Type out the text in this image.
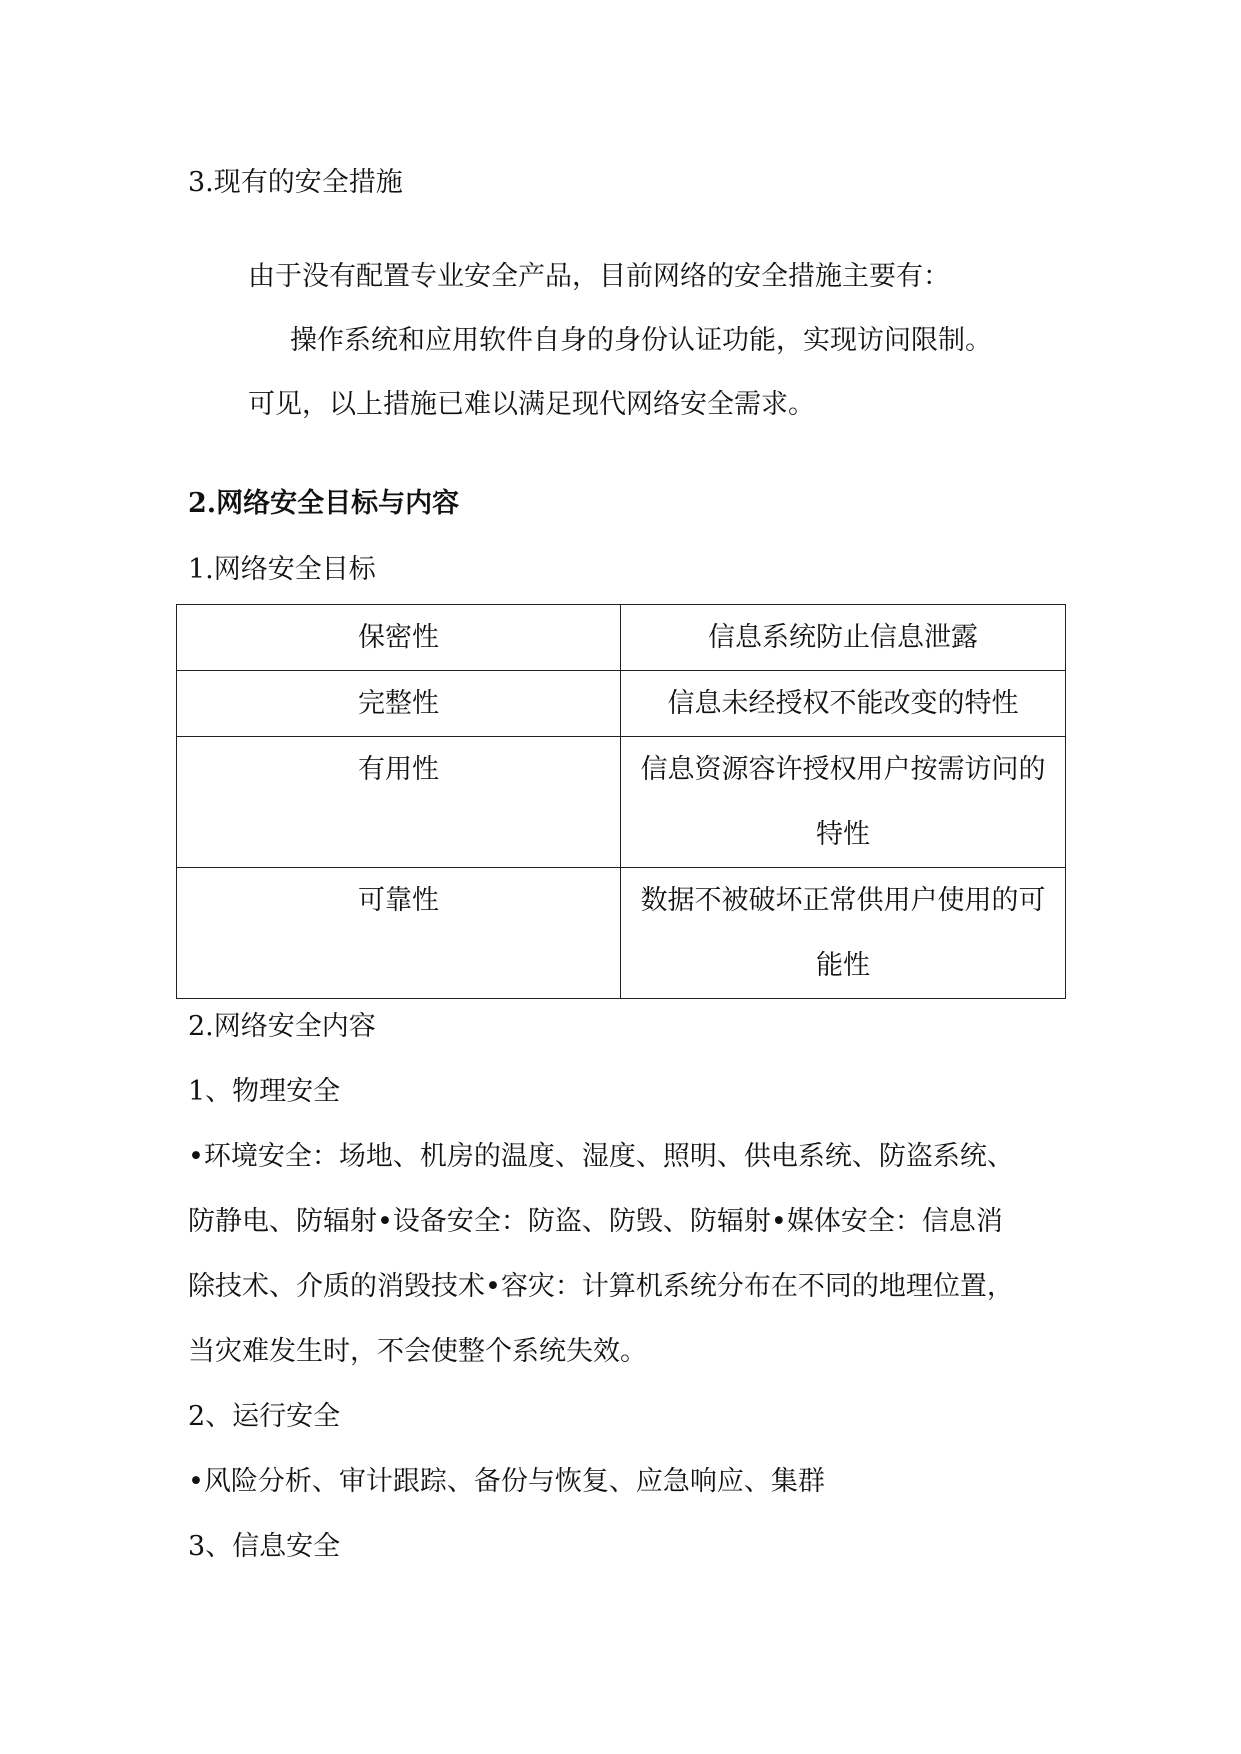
3.现有的安全措施
由于没有配置专业安全产品，目前网络的安全措施主要有：
操作系统和应用软件自身的身份认证功能，实现访问限制。
可见，以上措施已难以满足现代网络安全需求。
2.网络安全目标与内容
1.网络安全目标
保密性	信息系统防止信息泄露
完整性	信息未经授权不能改变的特性
有用性	信息资源容许授权用户按需访问的特性
可靠性	数据不被破坏正常供用户使用的可能性
2.网络安全内容
1、物理安全
•环境安全：场地、机房的温度、湿度、照明、供电系统、防盗系统、
防静电、防辐射•设备安全：防盗、防毁、防辐射•媒体安全：信息消
除技术、介质的消毁技术•容灾：计算机系统分布在不同的地理位置，
当灾难发生时，不会使整个系统失效。
2、运行安全
•风险分析、审计跟踪、备份与恢复、应急响应、集群
3、信息安全
